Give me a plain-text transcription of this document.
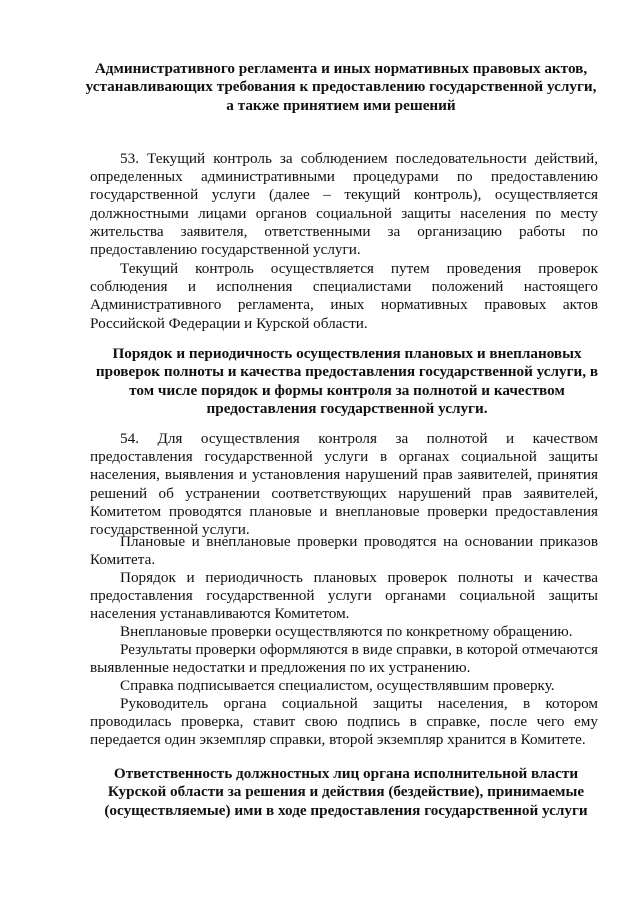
Административного регламента и иных нормативных правовых актов, устанавливающих требования к предоставлению государственной услуги, а также принятием ими решений

53. Текущий контроль за соблюдением последовательности действий, определенных административными процедурами по предоставлению государственной услуги (далее – текущий контроль), осуществляется должностными лицами органов социальной защиты населения по месту жительства заявителя, ответственными за организацию работы по предоставлению государственной услуги.

Текущий контроль осуществляется путем проведения проверок соблюдения и исполнения специалистами положений настоящего Административного регламента, иных нормативных правовых актов Российской Федерации и Курской области.

Порядок и периодичность осуществления плановых и внеплановых проверок полноты и качества предоставления государственной услуги, в том числе порядок и формы контроля за полнотой и качеством предоставления государственной услуги.

54. Для осуществления контроля за полнотой и качеством предоставления государственной услуги в органах социальной защиты населения, выявления и установления нарушений прав заявителей, принятия решений об устранении соответствующих нарушений прав заявителей, Комитетом проводятся плановые и внеплановые проверки предоставления государственной услуги.

Плановые и внеплановые проверки проводятся на основании приказов Комитета.

Порядок и периодичность плановых проверок полноты и качества предоставления государственной услуги органами социальной защиты населения устанавливаются Комитетом.

Внеплановые проверки осуществляются по конкретному обращению.

Результаты проверки оформляются в виде справки, в которой отмечаются выявленные недостатки и предложения по их устранению.

Справка подписывается специалистом, осуществлявшим проверку.

Руководитель органа социальной защиты населения, в котором проводилась проверка, ставит свою подпись в справке, после чего ему передается один экземпляр справки, второй экземпляр хранится в Комитете.

Ответственность должностных лиц органа исполнительной власти Курской области за решения и действия (бездействие), принимаемые (осуществляемые) ими в ходе предоставления государственной услуги
